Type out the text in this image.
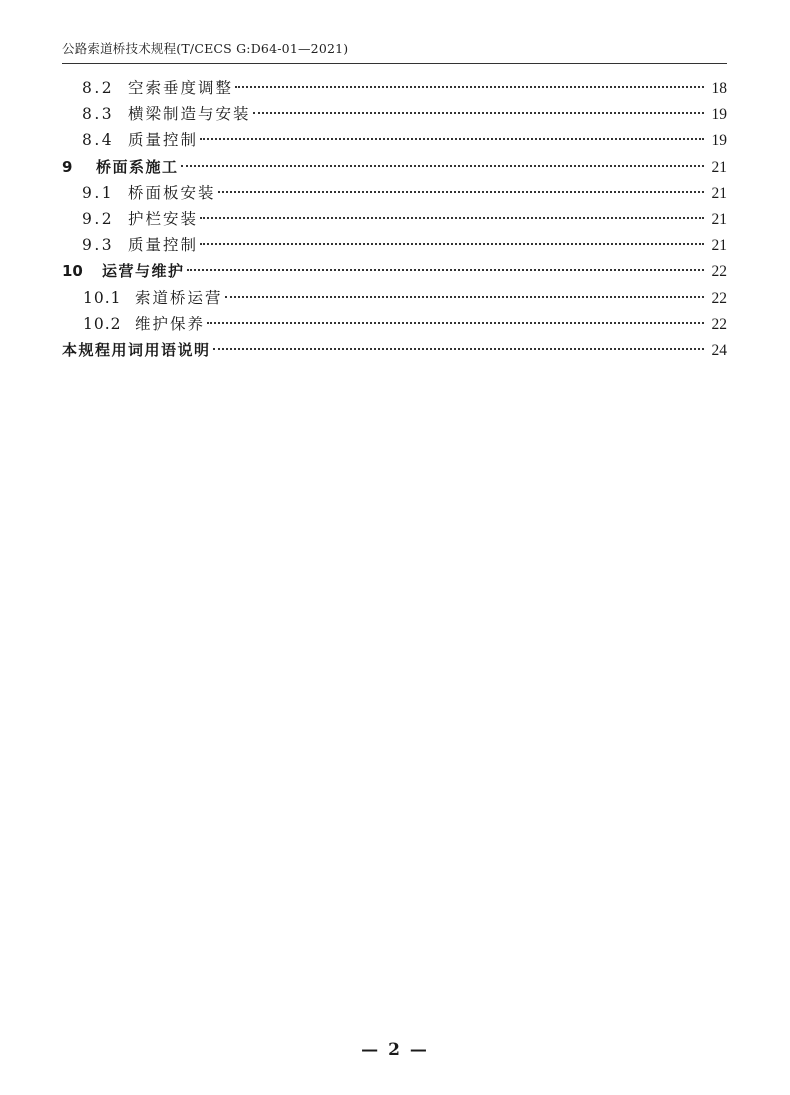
公路索道桥技术规程(T/CECS G:D64-01—2021)
8.2 空索垂度调整	18
8.3 横梁制造与安装	19
8.4 质量控制	19
9	桥面系施工	21
9.1 桥面板安装	21
9.2 护栏安装	21
9.3 质量控制	21
10	运营与维护	22
10.1 索道桥运营	22
10.2 维护保养	22
本规程用词用语说明	24
— 2 —
